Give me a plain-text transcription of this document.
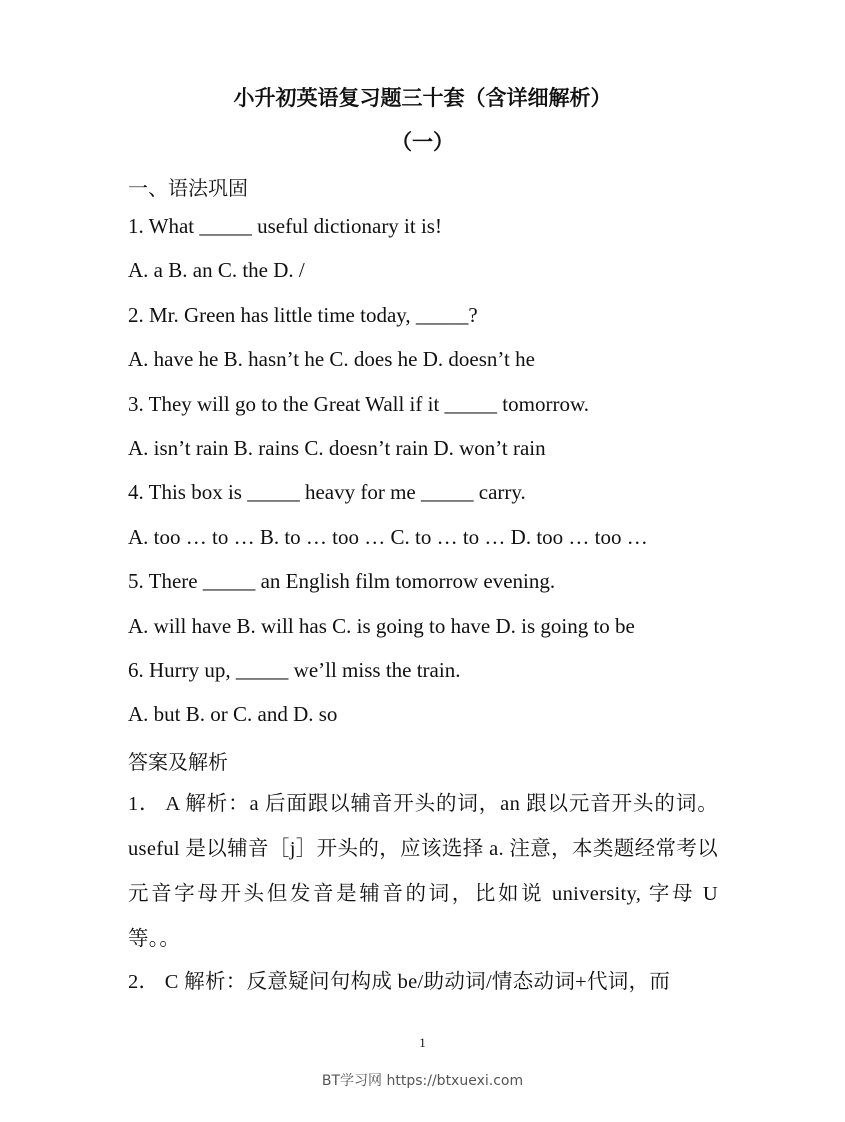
小升初英语复习题三十套（含详细解析）
（一）
一、语法巩固
1. What _____ useful dictionary it is!
A. a B. an C. the D. /
2. Mr. Green has little time today, _____?
A. have he B. hasn’t he C. does he D. doesn’t he
3. They will go to the Great Wall if it _____ tomorrow.
A. isn’t rain B. rains C. doesn’t rain D. won’t rain
4. This box is _____ heavy for me _____ carry.
A. too … to … B. to … too … C. to … to … D. too … too …
5. There _____ an English film tomorrow evening.
A. will have B. will has C. is going to have D. is going to be
6. Hurry up, _____ we’ll miss the train.
A. but B. or C. and D. so
答案及解析
1． A 解析：a 后面跟以辅音开头的词，an 跟以元音开头的词。useful 是以辅音［j］开头的，应该选择 a. 注意，本类题经常考以元音字母开头但发音是辅音的词，比如说 university, 字母 U 等。。
2． C 解析：反意疑问句构成 be/助动词/情态动词+代词，而
1
BT学习网 https://btxuexi.com
